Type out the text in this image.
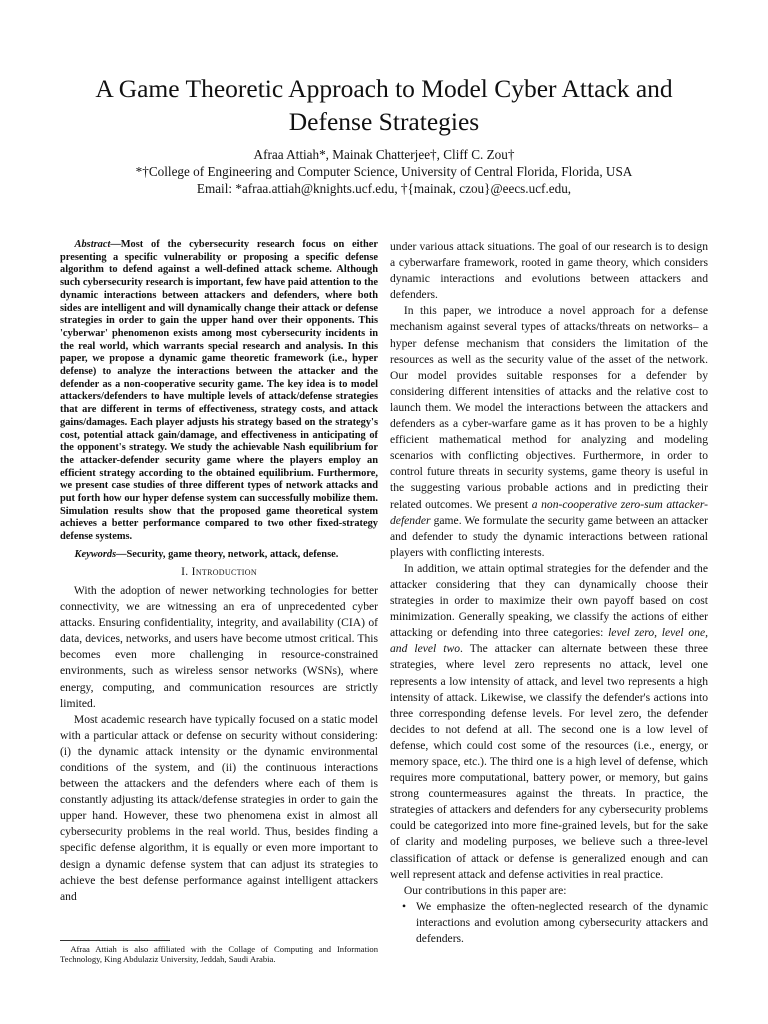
A Game Theoretic Approach to Model Cyber Attack and Defense Strategies
Afraa Attiah*, Mainak Chatterjee†, Cliff C. Zou†
*†College of Engineering and Computer Science, University of Central Florida, Florida, USA
Email: *afraa.attiah@knights.ucf.edu, †{mainak, czou}@eecs.ucf.edu,

Abstract—Most of the cybersecurity research focus on either presenting a specific vulnerability or proposing a specific defense algorithm to defend against a well-defined attack scheme. Although such cybersecurity research is important, few have paid attention to the dynamic interactions between attackers and defenders, where both sides are intelligent and will dynamically change their attack or defense strategies in order to gain the upper hand over their opponents. This 'cyberwar' phenomenon exists among most cybersecurity incidents in the real world, which warrants special research and analysis. In this paper, we propose a dynamic game theoretic framework (i.e., hyper defense) to analyze the interactions between the attacker and the defender as a non-cooperative security game. The key idea is to model attackers/defenders to have multiple levels of attack/defense strategies that are different in terms of effectiveness, strategy costs, and attack gains/damages. Each player adjusts his strategy based on the strategy's cost, potential attack gain/damage, and effectiveness in anticipating of the opponent's strategy. We study the achievable Nash equilibrium for the attacker-defender security game where the players employ an efficient strategy according to the obtained equilibrium. Furthermore, we present case studies of three different types of network attacks and put forth how our hyper defense system can successfully mobilize them. Simulation results show that the proposed game theoretical system achieves a better performance compared to two other fixed-strategy defense systems.

Keywords—Security, game theory, network, attack, defense.

I. Introduction

With the adoption of newer networking technologies for better connectivity, we are witnessing an era of unprecedented cyber attacks. Ensuring confidentiality, integrity, and availability (CIA) of data, devices, networks, and users have become utmost critical. This becomes even more challenging in resource-constrained environments, such as wireless sensor networks (WSNs), where energy, computing, and communication resources are strictly limited.

Most academic research have typically focused on a static model with a particular attack or defense on security without considering: (i) the dynamic attack intensity or the dynamic environmental conditions of the system, and (ii) the continuous interactions between the attackers and the defenders where each of them is constantly adjusting its attack/defense strategies in order to gain the upper hand. However, these two phenomena exist in almost all cybersecurity problems in the real world. Thus, besides finding a specific defense algorithm, it is equally or even more important to design a dynamic defense system that can adjust its strategies to achieve the best defense performance against intelligent attackers and

under various attack situations. The goal of our research is to design a cyberwarfare framework, rooted in game theory, which considers dynamic interactions and evolutions between attackers and defenders.

In this paper, we introduce a novel approach for a defense mechanism against several types of attacks/threats on networks– a hyper defense mechanism that considers the limitation of the resources as well as the security value of the asset of the network. Our model provides suitable responses for a defender by considering different intensities of attacks and the relative cost to launch them. We model the interactions between the attackers and defenders as a cyber-warfare game as it has proven to be a highly efficient mathematical method for analyzing and modeling scenarios with conflicting objectives. Furthermore, in order to control future threats in security systems, game theory is useful in the suggesting various probable actions and in predicting their related outcomes. We present a non-cooperative zero-sum attacker-defender game. We formulate the security game between an attacker and defender to study the dynamic interactions between rational players with conflicting interests.

In addition, we attain optimal strategies for the defender and the attacker considering that they can dynamically choose their strategies in order to maximize their own payoff based on cost minimization. Generally speaking, we classify the actions of either attacking or defending into three categories: level zero, level one, and level two. The attacker can alternate between these three strategies, where level zero represents no attack, level one represents a low intensity of attack, and level two represents a high intensity of attack. Likewise, we classify the defender's actions into three corresponding defense levels. For level zero, the defender decides to not defend at all. The second one is a low level of defense, which could cost some of the resources (i.e., energy, or memory space, etc.). The third one is a high level of defense, which requires more computational, battery power, or memory, but gains strong countermeasures against the threats. In practice, the strategies of attackers and defenders for any cybersecurity problems could be categorized into more fine-grained levels, but for the sake of clarity and modeling purposes, we believe such a three-level classification of attack or defense is generalized enough and can well represent attack and defense activities in real practice.

Our contributions in this paper are:

• We emphasize the often-neglected research of the dynamic interactions and evolution among cybersecurity attackers and defenders.
Afraa Attiah is also affiliated with the Collage of Computing and Information Technology, King Abdulaziz University, Jeddah, Saudi Arabia.
